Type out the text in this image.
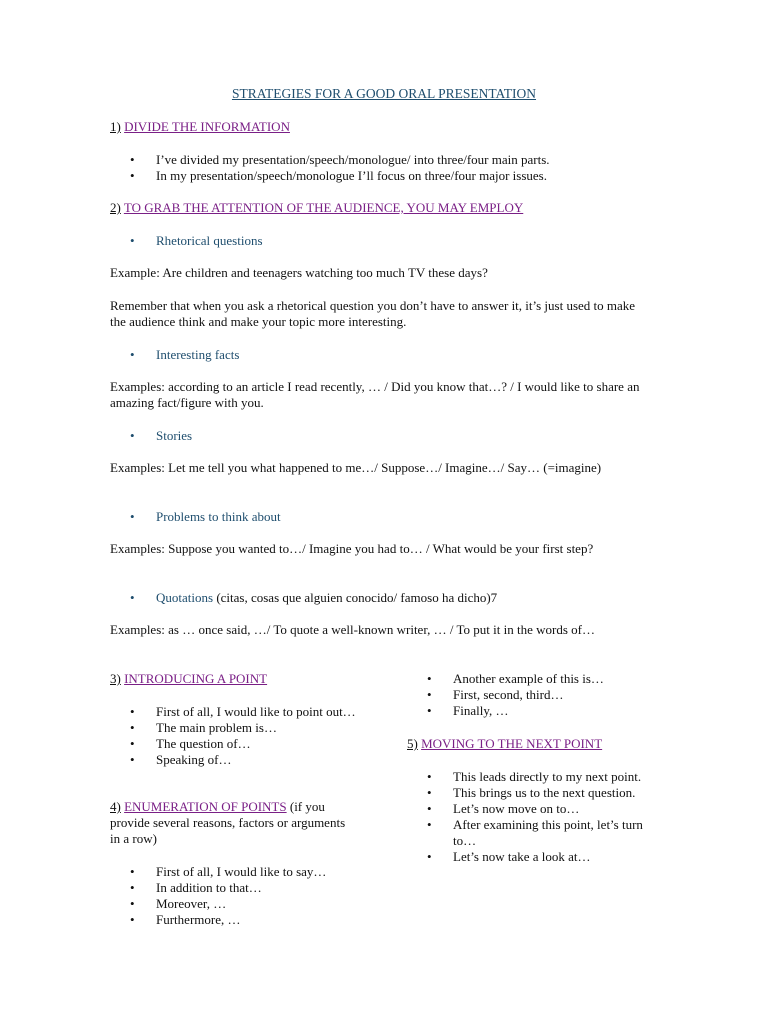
STRATEGIES FOR A GOOD ORAL PRESENTATION

1) DIVIDE THE INFORMATION

• I’ve divided my presentation/speech/monologue/ into three/four main parts.
• In my presentation/speech/monologue I’ll focus on three/four major issues.

2) TO GRAB THE ATTENTION OF THE AUDIENCE, YOU MAY EMPLOY

• Rhetorical questions

Example: Are children and teenagers watching too much TV these days?

Remember that when you ask a rhetorical question you don’t have to answer it, it’s just used to make the audience think and make your topic more interesting.

• Interesting facts

Examples: according to an article I read recently, … / Did you know that…? / I would like to share an amazing fact/figure with you.

• Stories

Examples: Let me tell you what happened to me…/ Suppose…/ Imagine…/ Say… (=imagine)

• Problems to think about

Examples: Suppose you wanted to…/ Imagine you had to… / What would be your first step?

• Quotations (citas, cosas que alguien conocido/ famoso ha dicho)7

Examples: as … once said, …/ To quote a well-known writer, … / To put it in the words of…

3) INTRODUCING A POINT

• First of all, I would like to point out…
• The main problem is…
• The question of…
• Speaking of…

4) ENUMERATION OF POINTS (if you provide several reasons, factors or arguments in a row)

• First of all, I would like to say…
• In addition to that…
• Moreover, …
• Furthermore, …
• Another example of this is…
• First, second, third…
• Finally, …

5) MOVING TO THE NEXT POINT

• This leads directly to my next point.
• This brings us to the next question.
• Let’s now move on to…
• After examining this point, let’s turn to…
• Let’s now take a look at…
